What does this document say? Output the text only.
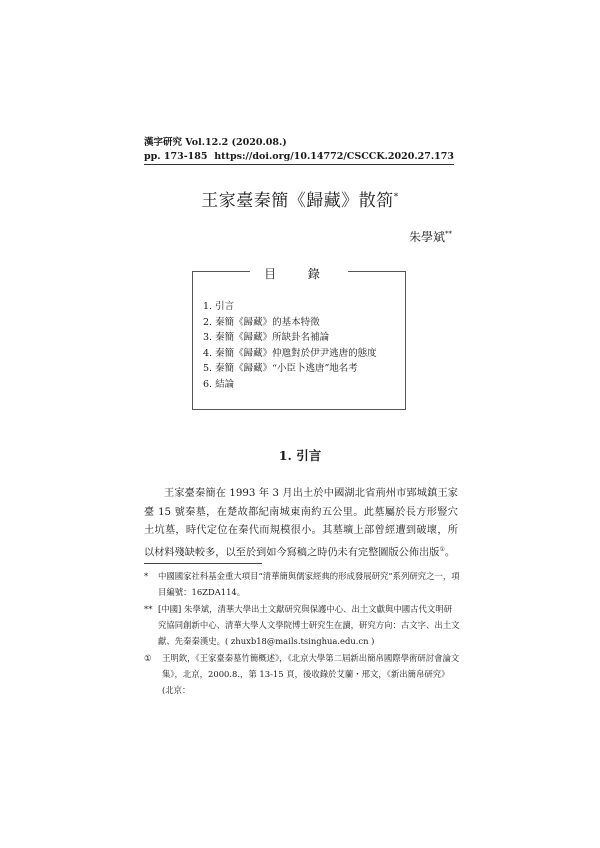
漢字研究 Vol.12.2 (2020.08.)
pp. 173-185 https://doi.org/10.14772/CSCCK.2020.27.173
王家臺秦簡《歸藏》散箚*
朱學斌**
目 錄
1. 引言
2. 秦簡《歸藏》的基本特徵
3. 秦簡《歸藏》所缺卦名補論
4. 秦簡《歸藏》仲虺對於伊尹逃唐的態度
5. 秦簡《歸藏》“小臣卜逃唐”地名考
6. 結論
1. 引言
王家臺秦簡在 1993 年 3 月出土於中國湖北省荊州市郢城鎮王家臺 15 號秦墓，在楚故都紀南城東南約五公里。此墓屬於長方形豎穴土坑墓，時代定位在秦代而規模很小。其墓壙上部曾經遭到破壞，所以材料殘缺較多，以至於到如今寫稿之時仍未有完整圖版公佈出版①。
*	中國國家社科基金重大項目“清華簡與儒家經典的形成發展研究”系列研究之一，項目編號：16ZDA114。
** [中國] 朱學斌，清華大學出土文獻研究與保護中心、出土文獻與中國古代文明研究協同創新中心、清華大學人文學院博士研究生在讀，研究方向：古文字、出土文獻、先秦秦漢史。( zhuxb18@mails.tsinghua.edu.cn )
①	王明欽，《王家臺秦墓竹簡概述》，《北京大學第二屆新出簡帛國際學術研討會論文集》，北京，2000.8.，第 13-15 頁，後收錄於艾蘭・邢文，《新出簡帛研究》(北京：
